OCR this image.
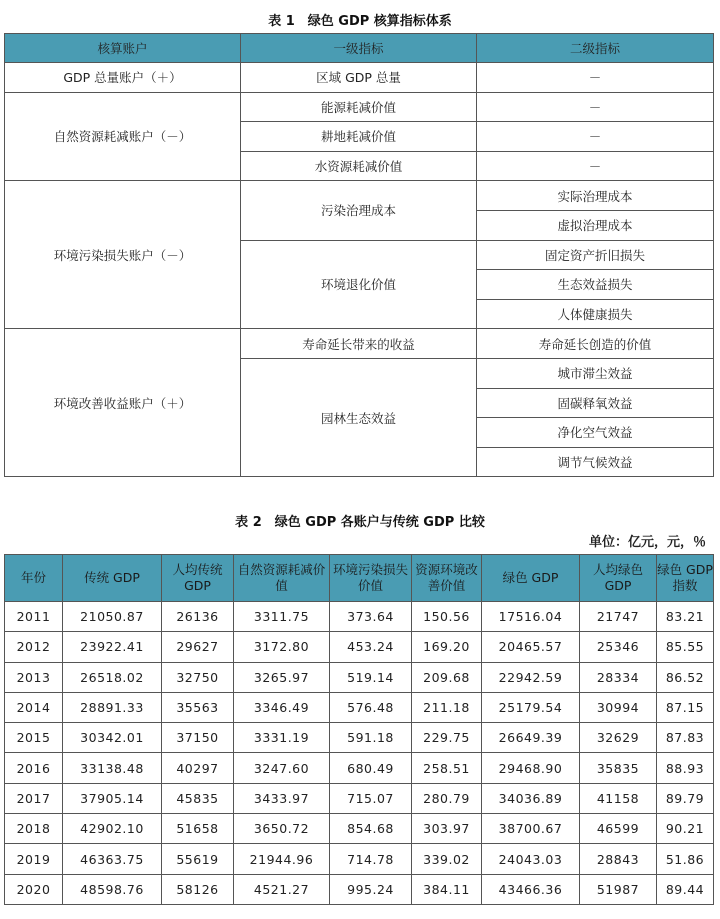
表 1　绿色 GDP 核算指标体系
核算账户	一级指标	二级指标
GDP 总量账户（＋）	区域 GDP 总量	－
自然资源耗减账户（－）	能源耗减价值	－
	耕地耗减价值	－
	水资源耗减价值	－
环境污染损失账户（－）	污染治理成本	实际治理成本
		虚拟治理成本
	环境退化价值	固定资产折旧损失
		生态效益损失
		人体健康损失
环境改善收益账户（＋）	寿命延长带来的收益	寿命延长创造的价值
	园林生态效益	城市滞尘效益
		固碳释氧效益
		净化空气效益
		调节气候效益
表 2　绿色 GDP 各账户与传统 GDP 比较
单位：亿元，元，％
年份	传统 GDP	人均传统 GDP	自然资源耗减价值	环境污染损失价值	资源环境改善价值	绿色 GDP	人均绿色 GDP	绿色 GDP 指数
2011	21050.87	26136	3311.75	373.64	150.56	17516.04	21747	83.21
2012	23922.41	29627	3172.80	453.24	169.20	20465.57	25346	85.55
2013	26518.02	32750	3265.97	519.14	209.68	22942.59	28334	86.52
2014	28891.33	35563	3346.49	576.48	211.18	25179.54	30994	87.15
2015	30342.01	37150	3331.19	591.18	229.75	26649.39	32629	87.83
2016	33138.48	40297	3247.60	680.49	258.51	29468.90	35835	88.93
2017	37905.14	45835	3433.97	715.07	280.79	34036.89	41158	89.79
2018	42902.10	51658	3650.72	854.68	303.97	38700.67	46599	90.21
2019	46363.75	55619	21944.96	714.78	339.02	24043.03	28843	51.86
2020	48598.76	58126	4521.27	995.24	384.11	43466.36	51987	89.44
